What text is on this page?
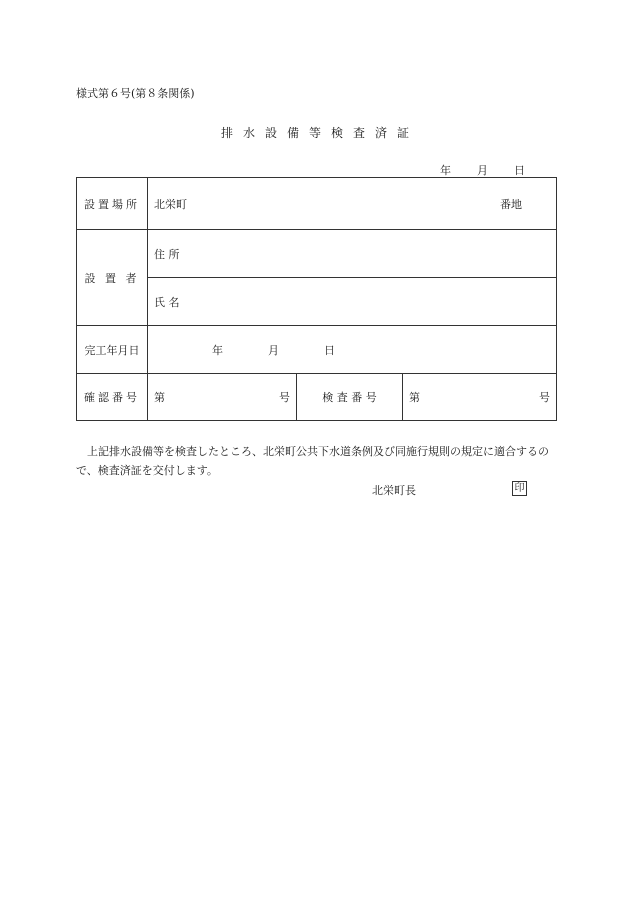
様式第６号(第８条関係)
排水設備等検査済証
年 月 日
設置場所	北栄町 番地		

設 置 者	住 所		
	氏 名		
完工年月日	年 月 日		

確認番号	第 号	検 査 番 号	第 号
上記排水設備等を検査したところ、北栄町公共下水道条例及び同施行規則の規定に適合するので、検査済証を交付します。
北栄町長	印
